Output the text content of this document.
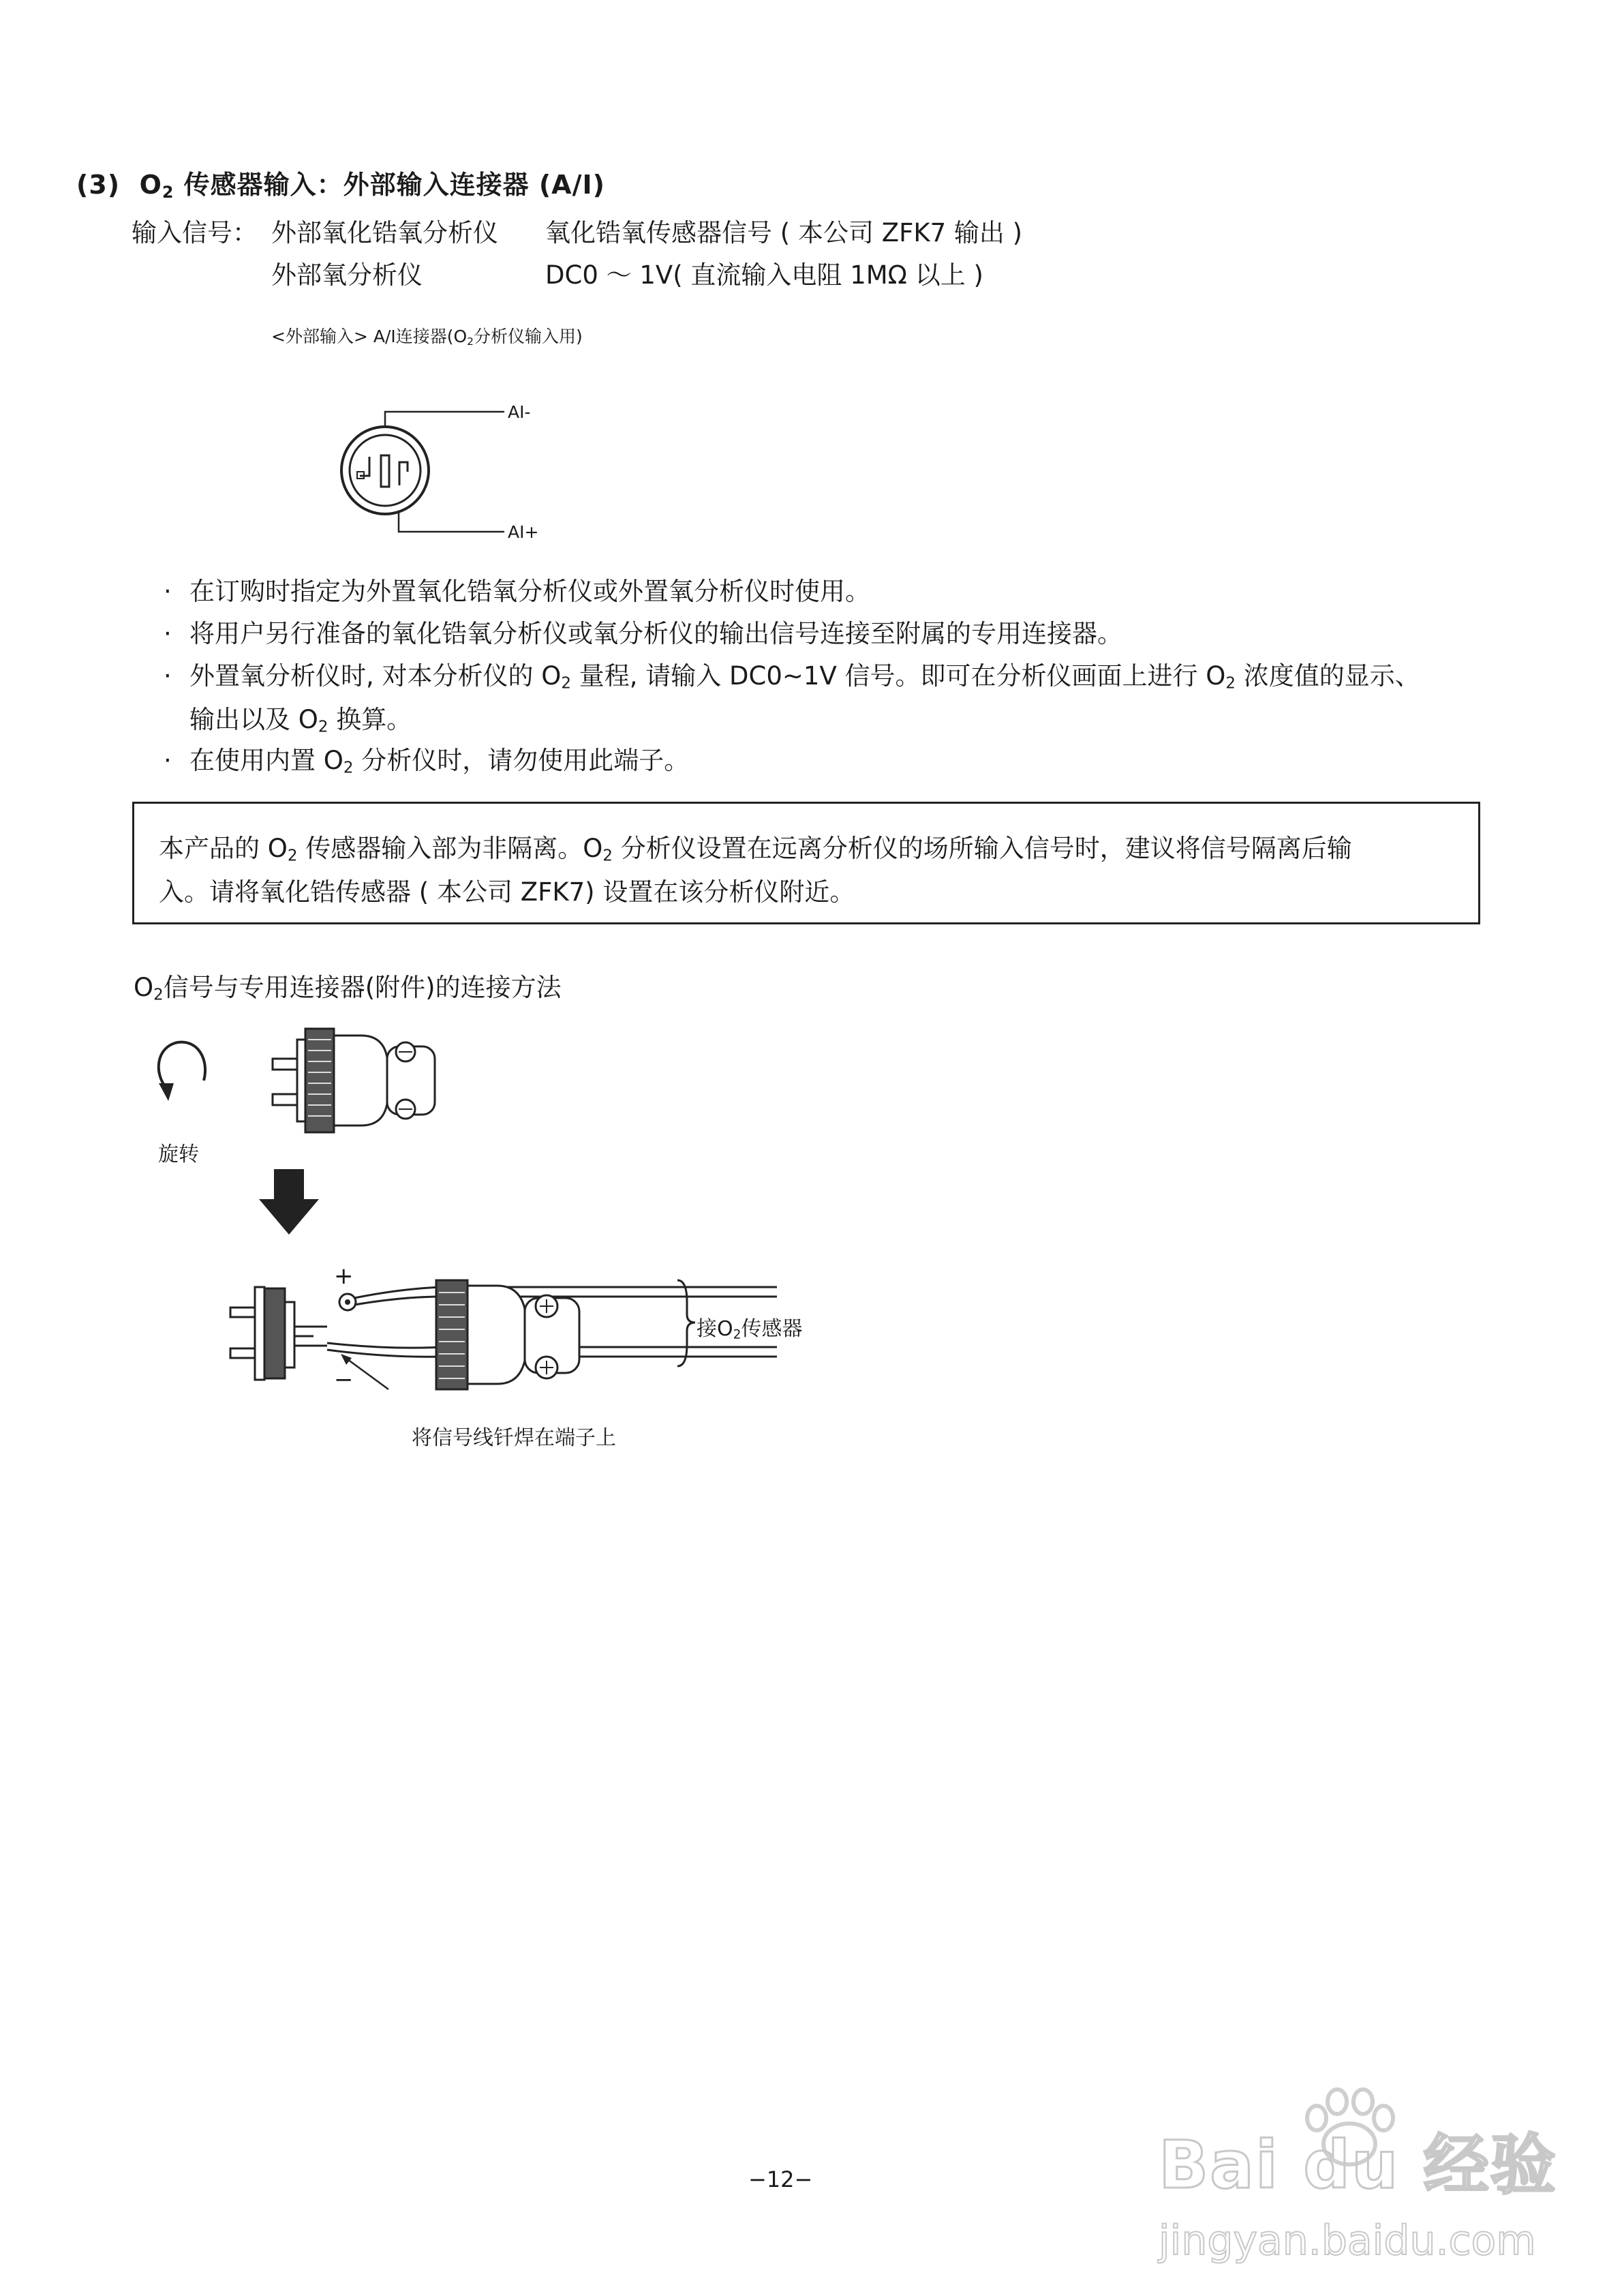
(3) $O_2$ 传感器输入：外部输入连接器 (A/I)
输入信号： 外部氧化锆氧分析仪 氧化锆氧传感器信号 ( 本公司 ZFK7 输出 )
外部氧分析仪	DC0 ～ 1V( 直流输入电阻 1MΩ 以上 )
<外部输入> A/I连接器($O_2$分析仪输入用)
AI-
AI+
· 在订购时指定为外置氧化锆氧分析仪或外置氧分析仪时使用。
· 将用户另行准备的氧化锆氧分析仪或氧分析仪的输出信号连接至附属的专用连接器。
· 外置氧分析仪时, 对本分析仪的 $O_2$ 量程, 请输入 DC0~1V 信号。即可在分析仪画面上进行 $O_2$ 浓度值的显示、
输出以及 $O_2$ 换算。
· 在使用内置 $O_2$ 分析仪时，请勿使用此端子。
本产品的 $O_2$ 传感器输入部为非隔离。$O_2$ 分析仪设置在远离分析仪的场所输入信号时，建议将信号隔离后输
入。请将氧化锆传感器 ( 本公司 ZFK7) 设置在该分析仪附近。
$O_2$信号与专用连接器(附件)的连接方法
旋转
+
−
接$O_2$传感器
将信号线钎焊在端子上
−12−	Bai du 经验
jingyan.baidu.com
